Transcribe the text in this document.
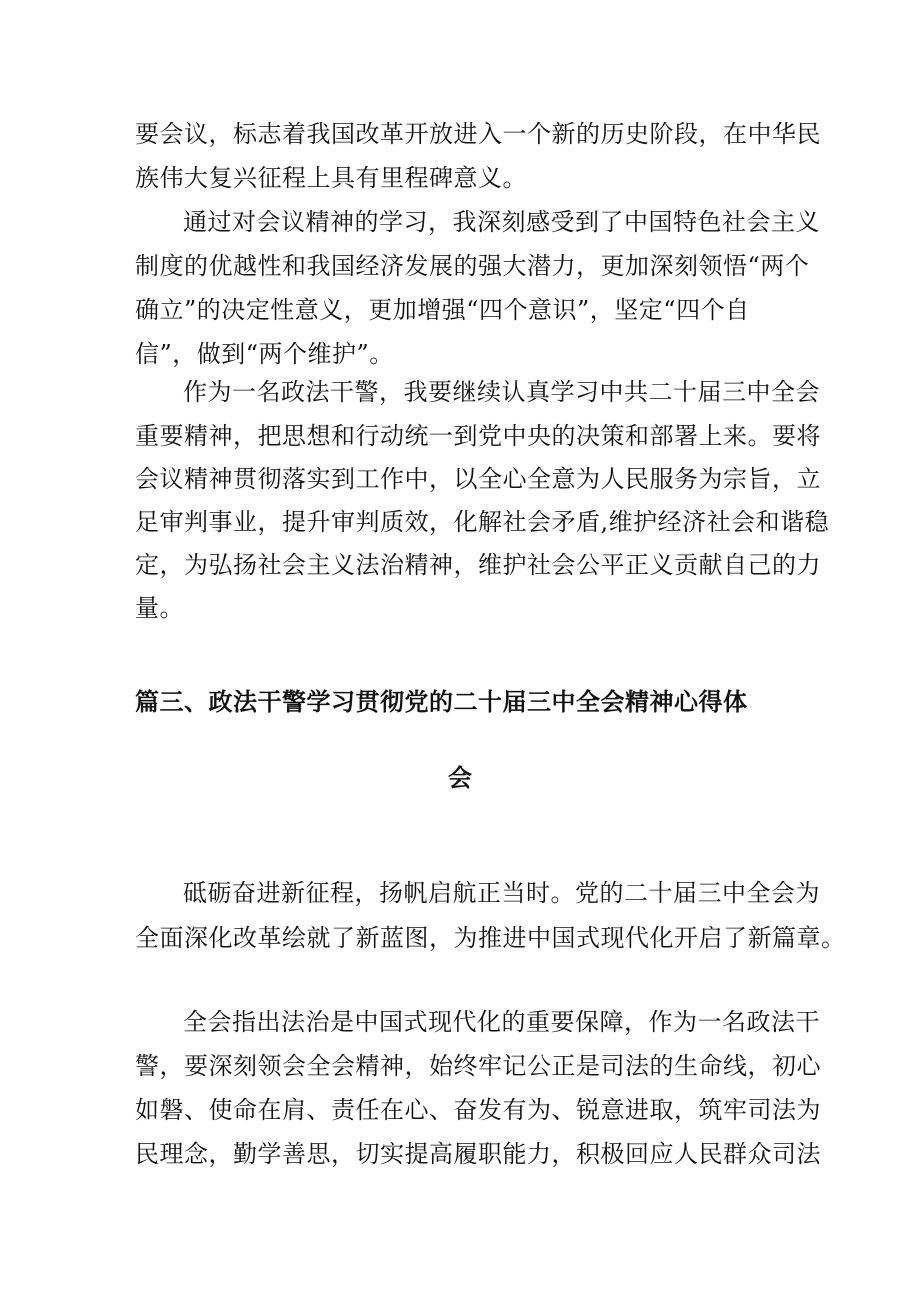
要会议，标志着我国改革开放进入一个新的历史阶段，在中华民
族伟大复兴征程上具有里程碑意义。
通过对会议精神的学习，我深刻感受到了中国特色社会主义
制度的优越性和我国经济发展的强大潜力，更加深刻领悟“两个
确立”的决定性意义，更加增强“四个意识”，坚定“四个自
信”，做到“两个维护”。
作为一名政法干警，我要继续认真学习中共二十届三中全会
重要精神，把思想和行动统一到党中央的决策和部署上来。要将
会议精神贯彻落实到工作中，以全心全意为人民服务为宗旨，立
足审判事业，提升审判质效，化解社会矛盾,维护经济社会和谐稳
定，为弘扬社会主义法治精神，维护社会公平正义贡献自己的力
量。
篇三、政法干警学习贯彻党的二十届三中全会精神心得体
会
砥砺奋进新征程，扬帆启航正当时。党的二十届三中全会为
全面深化改革绘就了新蓝图，为推进中国式现代化开启了新篇章。
全会指出法治是中国式现代化的重要保障，作为一名政法干
警，要深刻领会全会精神，始终牢记公正是司法的生命线，初心
如磐、使命在肩、责任在心、奋发有为、锐意进取，筑牢司法为
民理念，勤学善思，切实提高履职能力，积极回应人民群众司法
